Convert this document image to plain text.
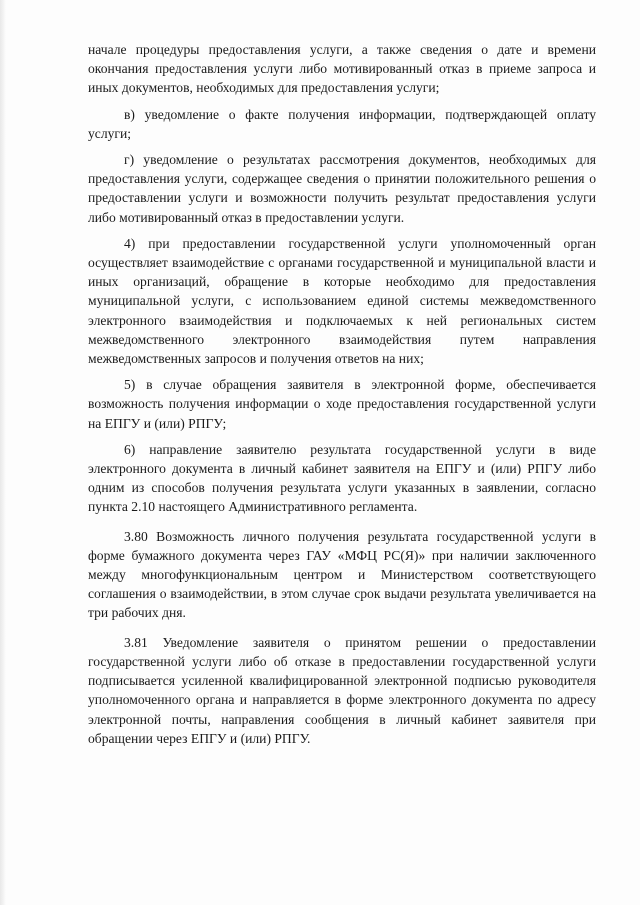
начале процедуры предоставления услуги, а также сведения о дате и времени окончания предоставления услуги либо мотивированный отказ в приеме запроса и иных документов, необходимых для предоставления услуги;

в) уведомление о факте получения информации, подтверждающей оплату услуги;

г) уведомление о результатах рассмотрения документов, необходимых для предоставления услуги, содержащее сведения о принятии положительного решения о предоставлении услуги и возможности получить результат предоставления услуги либо мотивированный отказ в предоставлении услуги.

4) при предоставлении государственной услуги уполномоченный орган осуществляет взаимодействие с органами государственной и муниципальной власти и иных организаций, обращение в которые необходимо для предоставления муниципальной услуги, с использованием единой системы межведомственного электронного взаимодействия и подключаемых к ней региональных систем межведомственного электронного взаимодействия путем направления межведомственных запросов и получения ответов на них;

5) в случае обращения заявителя в электронной форме, обеспечивается возможность получения информации о ходе предоставления государственной услуги на ЕПГУ и (или) РПГУ;

6) направление заявителю результата государственной услуги в виде электронного документа в личный кабинет заявителя на ЕПГУ и (или) РПГУ либо одним из способов получения результата услуги указанных в заявлении, согласно пункта 2.10 настоящего Административного регламента.

3.80 Возможность личного получения результата государственной услуги в форме бумажного документа через ГАУ «МФЦ РС(Я)» при наличии заключенного между многофункциональным центром и Министерством соответствующего соглашения о взаимодействии, в этом случае срок выдачи результата увеличивается на три рабочих дня.

3.81 Уведомление заявителя о принятом решении о предоставлении государственной услуги либо об отказе в предоставлении государственной услуги подписывается усиленной квалифицированной электронной подписью руководителя уполномоченного органа и направляется в форме электронного документа по адресу электронной почты, направления сообщения в личный кабинет заявителя при обращении через ЕПГУ и (или) РПГУ.
